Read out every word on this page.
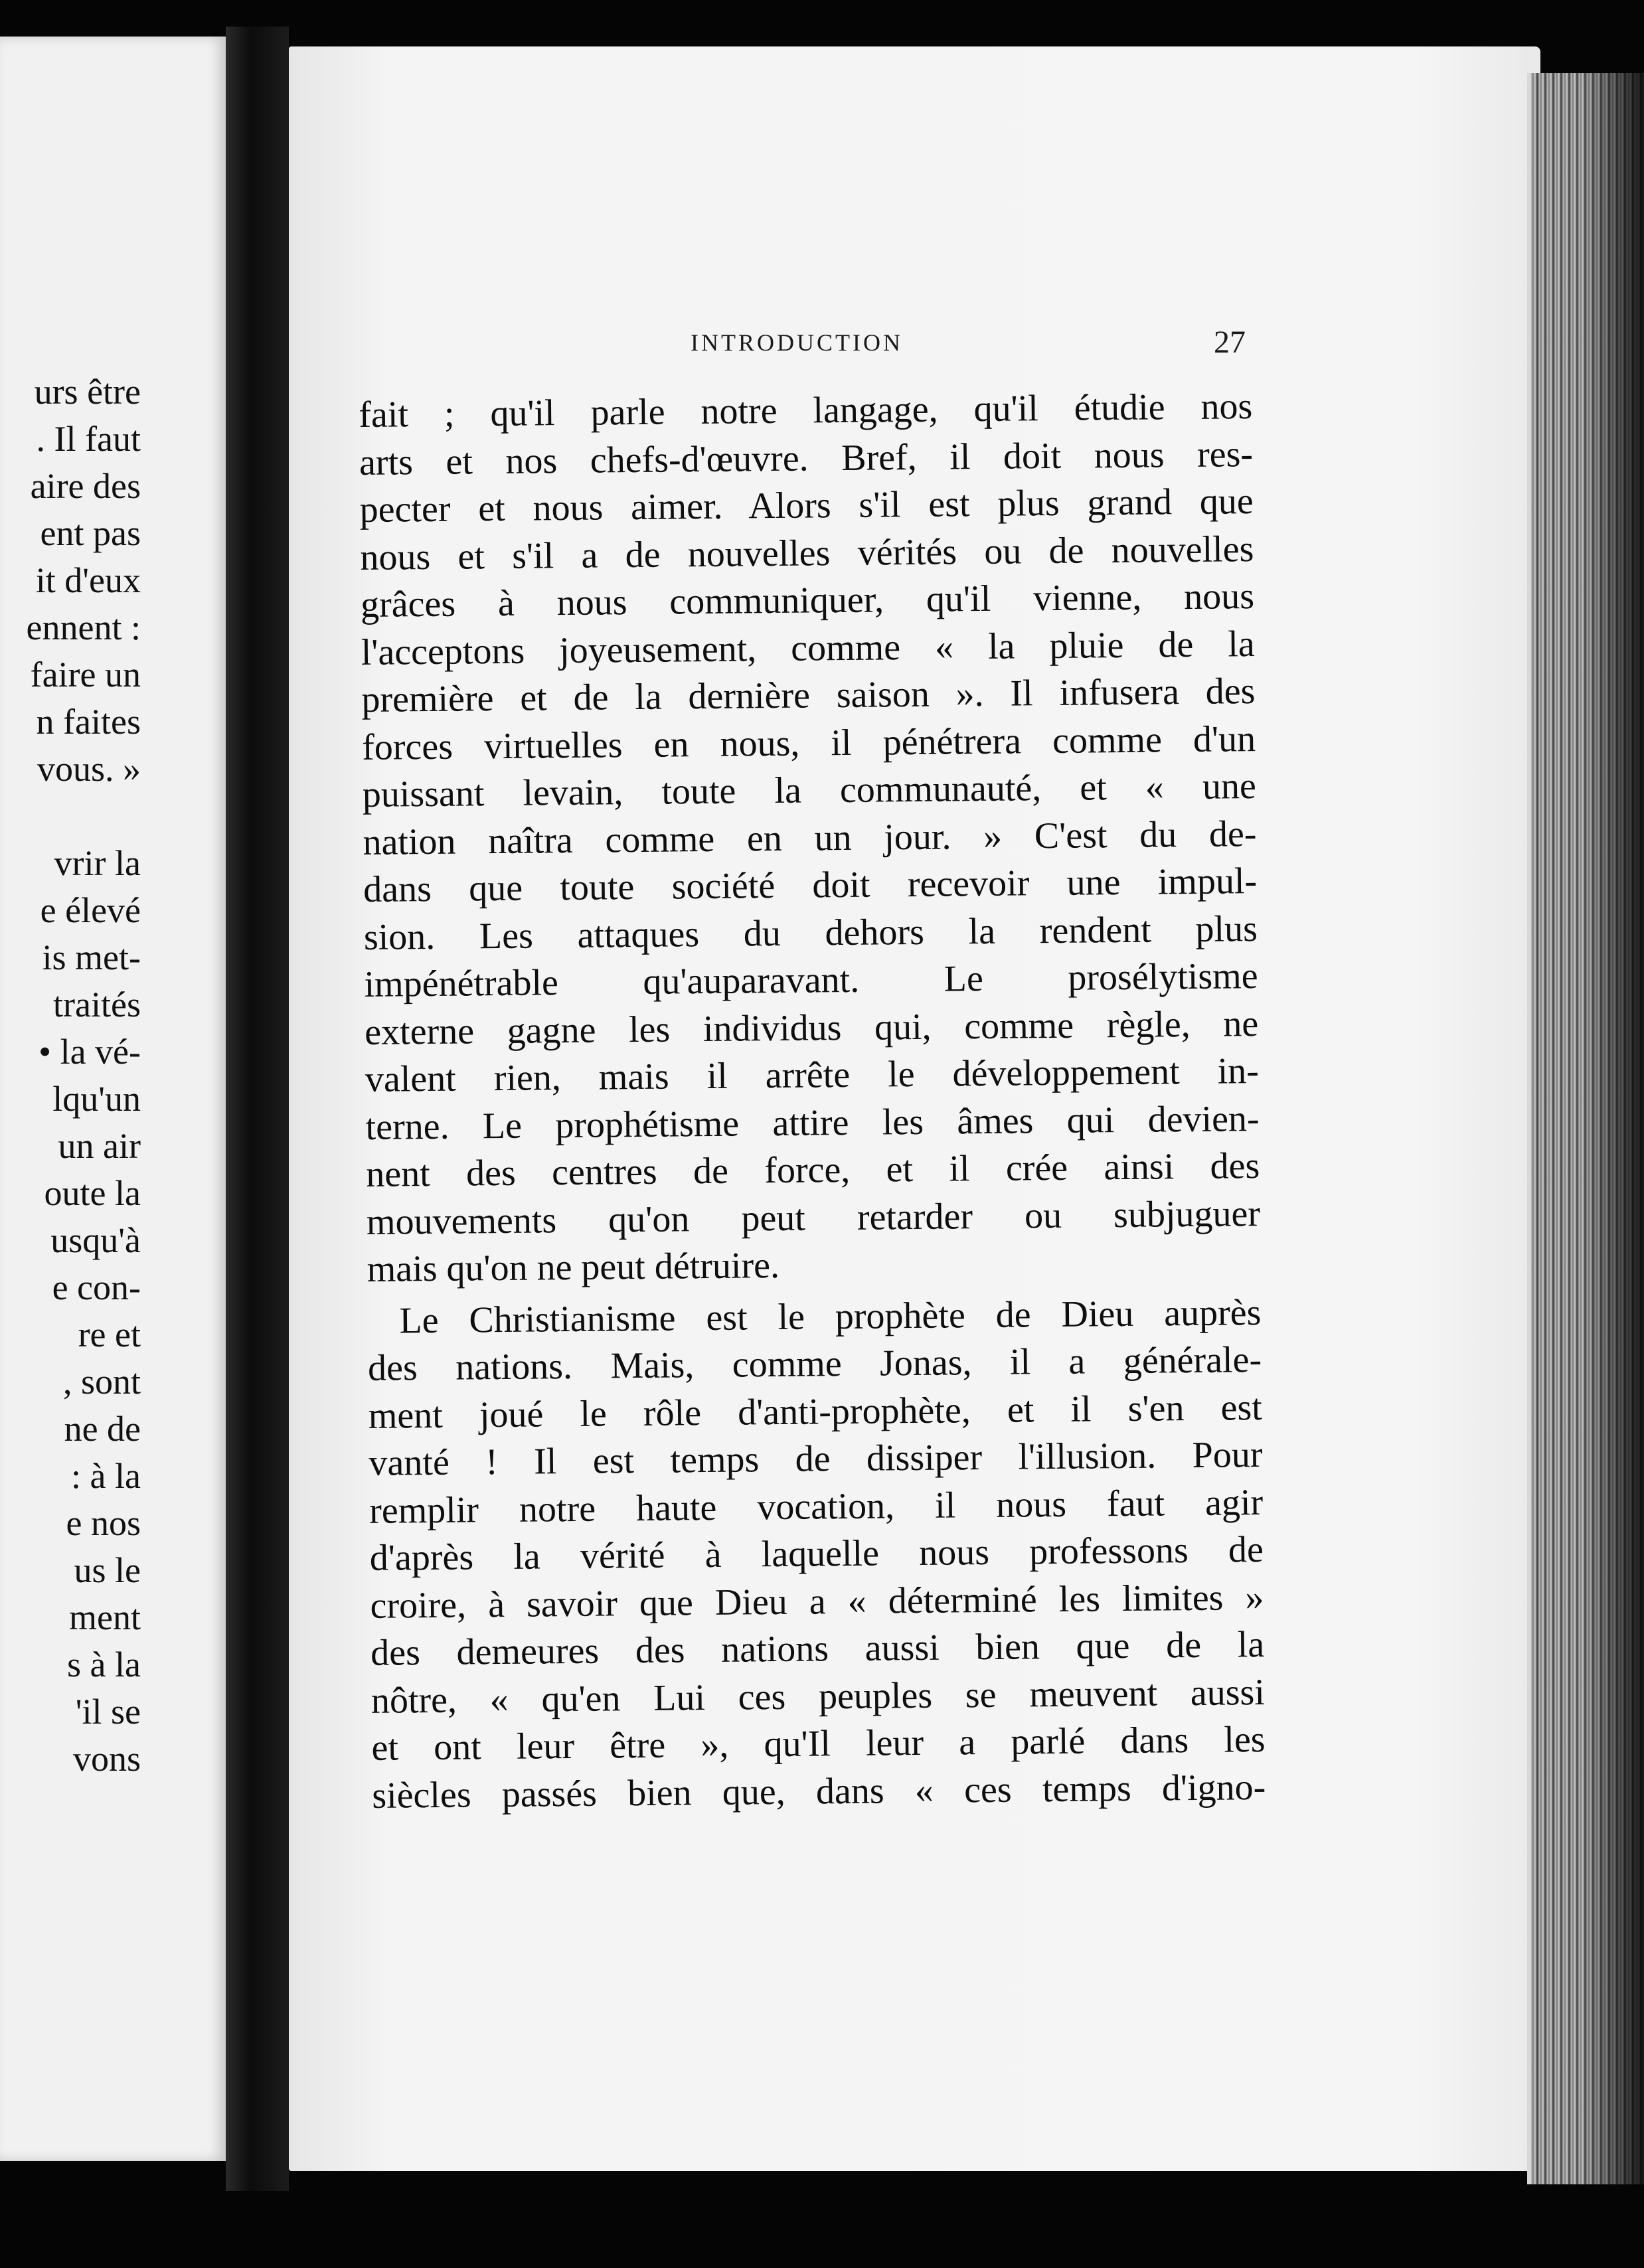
urs être
. Il faut
aire des
ent pas
it d'eux
ennent :
faire un
n faites
vous. »
vrir la
e élevé
is met-
traités
• la vé-
lqu'un
un air
oute la
usqu'à
e con-
re et
, sont
ne de
: à la
e nos
us le
ment
s à la
'il se
vons
INTRODUCTION	27
fait ; qu'il parle notre langage, qu'il étudie nos
arts et nos chefs-d'œuvre. Bref, il doit nous res-
pecter et nous aimer. Alors s'il est plus grand que
nous et s'il a de nouvelles vérités ou de nouvelles
grâces à nous communiquer, qu'il vienne, nous
l'acceptons joyeusement, comme « la pluie de la
première et de la dernière saison ». Il infusera des
forces virtuelles en nous, il pénétrera comme d'un
puissant levain, toute la communauté, et « une
nation naîtra comme en un jour. » C'est du de-
dans que toute société doit recevoir une impul-
sion. Les attaques du dehors la rendent plus
impénétrable qu'auparavant. Le prosélytisme
externe gagne les individus qui, comme règle, ne
valent rien, mais il arrête le développement in-
terne. Le prophétisme attire les âmes qui devien-
nent des centres de force, et il crée ainsi des
mouvements qu'on peut retarder ou subjuguer
mais qu'on ne peut détruire.
Le Christianisme est le prophète de Dieu auprès
des nations. Mais, comme Jonas, il a générale-
ment joué le rôle d'anti-prophète, et il s'en est
vanté ! Il est temps de dissiper l'illusion. Pour
remplir notre haute vocation, il nous faut agir
d'après la vérité à laquelle nous professons de
croire, à savoir que Dieu a « déterminé les limites »
des demeures des nations aussi bien que de la
nôtre, « qu'en Lui ces peuples se meuvent aussi
et ont leur être », qu'Il leur a parlé dans les
siècles passés bien que, dans « ces temps d'igno-
